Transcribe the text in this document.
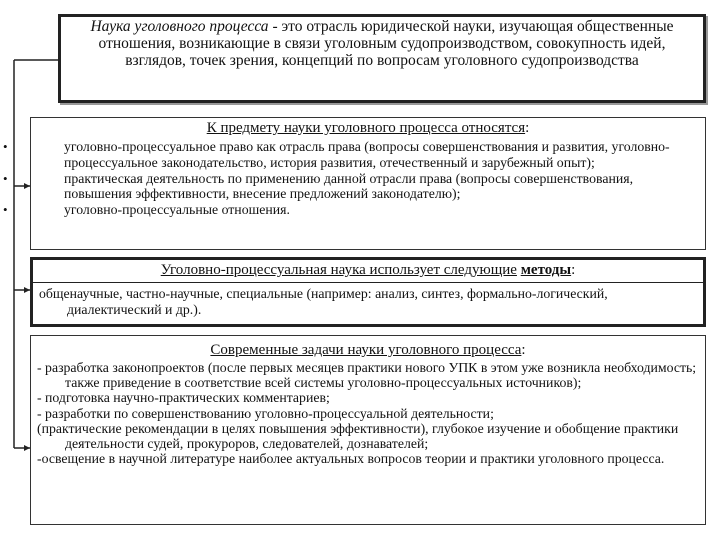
Наука уголовного процесса - это отрасль юридической науки, изучающая общественные отношения, возникающие в связи уголовным судопроизводством, совокупность идей, взглядов, точек зрения, концепций по вопросам уголовного судопроизводства
К предмету науки уголовного процесса относятся:
•	уголовно-процессуальное право как отрасль права (вопросы совершенствования и развития, уголовно-процессуальное законодательство, история развития, отечественный и зарубежный опыт);
•	практическая деятельность по применению данной отрасли права (вопросы совершенствования, повышения эффективности, внесение предложений законодателю);
•	уголовно-процессуальные отношения.
Уголовно-процессуальная наука использует следующие методы:
общенаучные, частно-научные, специальные (например: анализ, синтез, формально-логический, диалектический и др.).
Современные задачи науки уголовного процесса:
- разработка законопроектов (после первых месяцев практики нового УПК в этом уже возникла необходимость; также приведение в соответствие всей системы уголовно-процессуальных источников);
- подготовка научно-практических комментариев;
- разработки по совершенствованию уголовно-процессуальной деятельности;
(практические рекомендации в целях повышения эффективности), глубокое изучение и обобщение практики деятельности судей, прокуроров, следователей, дознавателей;
-освещение в научной литературе наиболее актуальных вопросов теории и практики уголовного процесса.
